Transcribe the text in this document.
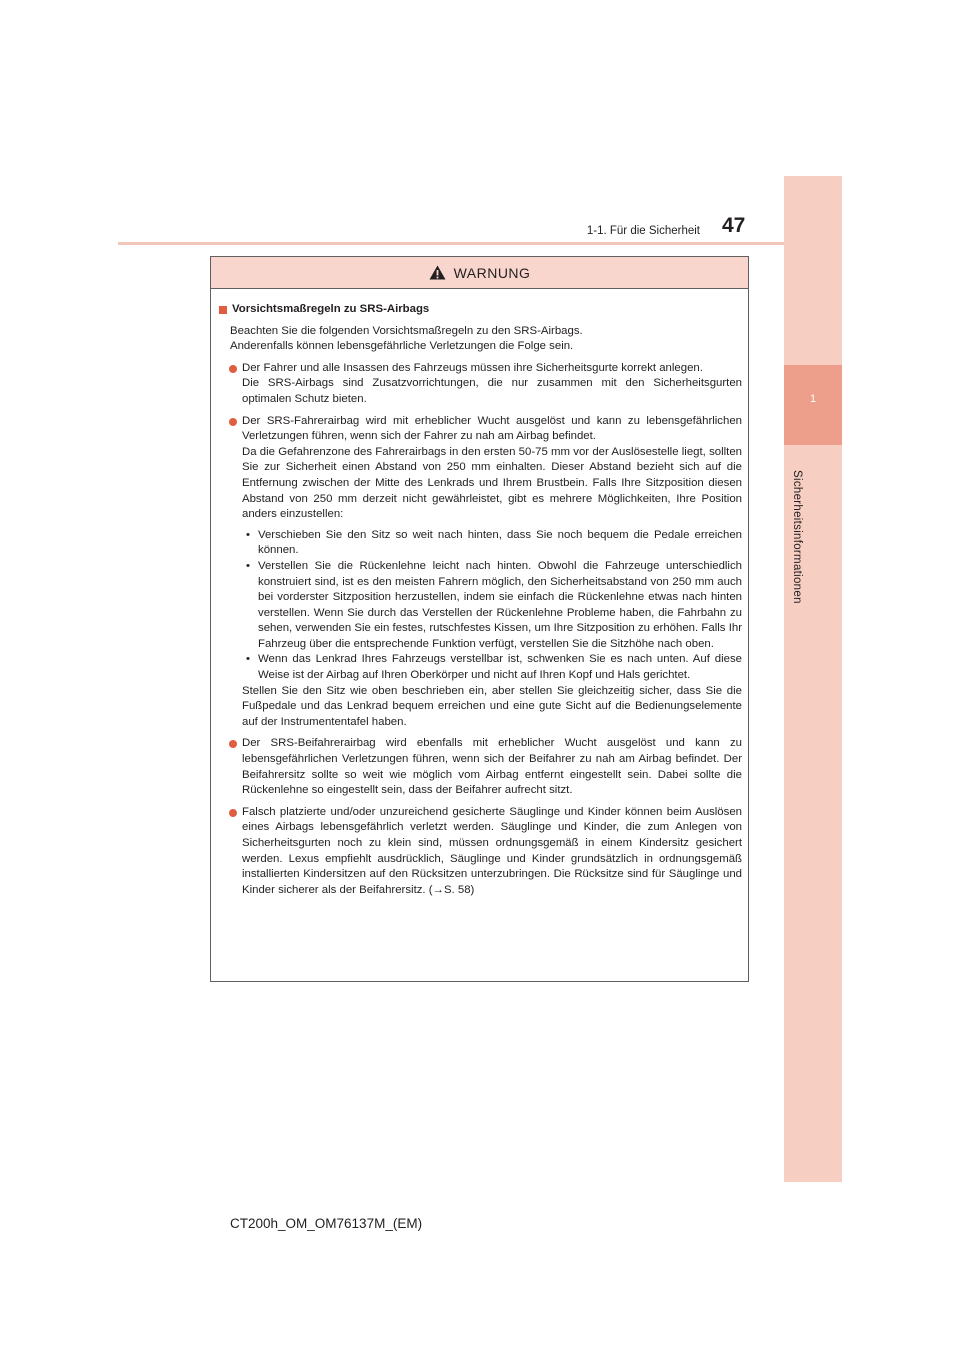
1
Sicherheitsinformationen
1-1. Für die Sicherheit 47
WARNUNG

Vorsichtsmaßregeln zu SRS-Airbags

Beachten Sie die folgenden Vorsichtsmaßregeln zu den SRS-Airbags.

Anderenfalls können lebensgefährliche Verletzungen die Folge sein.

Der Fahrer und alle Insassen des Fahrzeugs müssen ihre Sicherheitsgurte korrekt anlegen.

Die SRS-Airbags sind Zusatzvorrichtungen, die nur zusammen mit den Sicherheitsgurten optimalen Schutz bieten.

Der SRS-Fahrerairbag wird mit erheblicher Wucht ausgelöst und kann zu lebensgefährlichen Verletzungen führen, wenn sich der Fahrer zu nah am Airbag befindet.

Da die Gefahrenzone des Fahrerairbags in den ersten 50-75 mm vor der Auslösestelle liegt, sollten Sie zur Sicherheit einen Abstand von 250 mm einhalten. Dieser Abstand bezieht sich auf die Entfernung zwischen der Mitte des Lenkrads und Ihrem Brustbein. Falls Ihre Sitzposition diesen Abstand von 250 mm derzeit nicht gewährleistet, gibt es mehrere Möglichkeiten, Ihre Position anders einzustellen:

• Verschieben Sie den Sitz so weit nach hinten, dass Sie noch bequem die Pedale erreichen können.
• Verstellen Sie die Rückenlehne leicht nach hinten. Obwohl die Fahrzeuge unterschiedlich konstruiert sind, ist es den meisten Fahrern möglich, den Sicherheitsabstand von 250 mm auch bei vorderster Sitzposition herzustellen, indem sie einfach die Rückenlehne etwas nach hinten verstellen. Wenn Sie durch das Verstellen der Rückenlehne Probleme haben, die Fahrbahn zu sehen, verwenden Sie ein festes, rutschfestes Kissen, um Ihre Sitzposition zu erhöhen. Falls Ihr Fahrzeug über die entsprechende Funktion verfügt, verstellen Sie die Sitzhöhe nach oben.
• Wenn das Lenkrad Ihres Fahrzeugs verstellbar ist, schwenken Sie es nach unten. Auf diese Weise ist der Airbag auf Ihren Oberkörper und nicht auf Ihren Kopf und Hals gerichtet.

Stellen Sie den Sitz wie oben beschrieben ein, aber stellen Sie gleichzeitig sicher, dass Sie die Fußpedale und das Lenkrad bequem erreichen und eine gute Sicht auf die Bedienungselemente auf der Instrumententafel haben.

Der SRS-Beifahrerairbag wird ebenfalls mit erheblicher Wucht ausgelöst und kann zu lebensgefährlichen Verletzungen führen, wenn sich der Beifahrer zu nah am Airbag befindet. Der Beifahrersitz sollte so weit wie möglich vom Airbag entfernt eingestellt sein. Dabei sollte die Rückenlehne so eingestellt sein, dass der Beifahrer aufrecht sitzt.

Falsch platzierte und/oder unzureichend gesicherte Säuglinge und Kinder können beim Auslösen eines Airbags lebensgefährlich verletzt werden. Säuglinge und Kinder, die zum Anlegen von Sicherheitsgurten noch zu klein sind, müssen ordnungsgemäß in einem Kindersitz gesichert werden. Lexus empfiehlt ausdrücklich, Säuglinge und Kinder grundsätzlich in ordnungsgemäß installierten Kindersitzen auf den Rücksitzen unterzubringen. Die Rücksitze sind für Säuglinge und Kinder sicherer als der Beifahrersitz. (→S. 58)

CT200h_OM_OM76137M_(EM)
